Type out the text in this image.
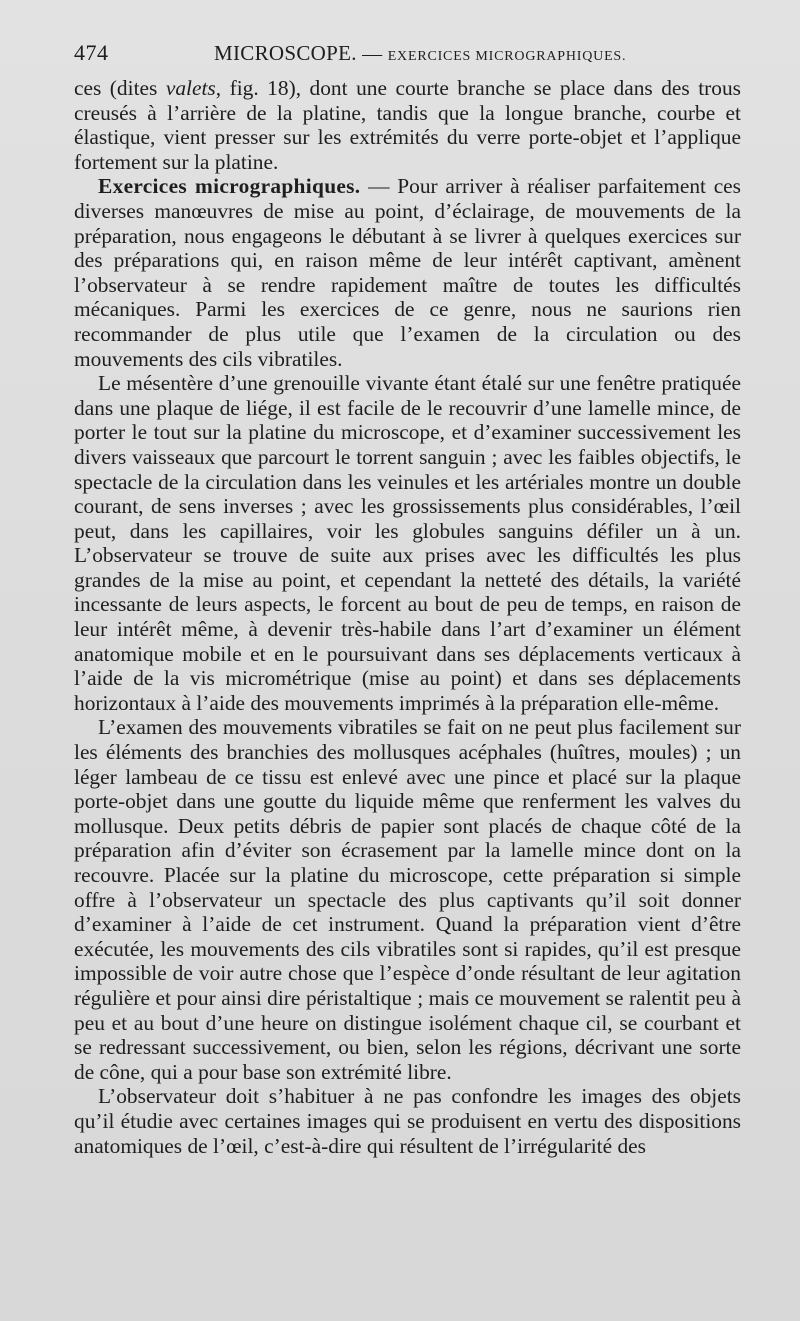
474	MICROSCOPE. — EXERCICES MICROGRAPHIQUES.

ces (dites valets, fig. 18), dont une courte branche se place dans des trous creusés à l’arrière de la platine, tandis que la longue branche, courbe et élastique, vient presser sur les extrémités du verre porte-objet et l’applique fortement sur la platine.

Exercices micrographiques. — Pour arriver à réaliser parfaitement ces diverses manœuvres de mise au point, d’éclairage, de mouvements de la préparation, nous engageons le débutant à se livrer à quelques exercices sur des préparations qui, en raison même de leur intérêt captivant, amènent l’observateur à se rendre rapidement maître de toutes les difficultés mécaniques. Parmi les exercices de ce genre, nous ne saurions rien recommander de plus utile que l’examen de la circulation ou des mouvements des cils vibratiles.

Le mésentère d’une grenouille vivante étant étalé sur une fenêtre pratiquée dans une plaque de liége, il est facile de le recouvrir d’une lamelle mince, de porter le tout sur la platine du microscope, et d’examiner successivement les divers vaisseaux que parcourt le torrent sanguin ; avec les faibles objectifs, le spectacle de la circulation dans les veinules et les artériales montre un double courant, de sens inverses ; avec les grossissements plus considérables, l’œil peut, dans les capillaires, voir les globules sanguins défiler un à un. L’observateur se trouve de suite aux prises avec les difficultés les plus grandes de la mise au point, et cependant la netteté des détails, la variété incessante de leurs aspects, le forcent au bout de peu de temps, en raison de leur intérêt même, à devenir très-habile dans l’art d’examiner un élément anatomique mobile et en le poursuivant dans ses déplacements verticaux à l’aide de la vis micrométrique (mise au point) et dans ses déplacements horizontaux à l’aide des mouvements imprimés à la préparation elle-même.

L’examen des mouvements vibratiles se fait on ne peut plus facilement sur les éléments des branchies des mollusques acéphales (huîtres, moules) ; un léger lambeau de ce tissu est enlevé avec une pince et placé sur la plaque porte-objet dans une goutte du liquide même que renferment les valves du mollusque. Deux petits débris de papier sont placés de chaque côté de la préparation afin d’éviter son écrasement par la lamelle mince dont on la recouvre. Placée sur la platine du microscope, cette préparation si simple offre à l’observateur un spectacle des plus captivants qu’il soit donner d’examiner à l’aide de cet instrument. Quand la préparation vient d’être exécutée, les mouvements des cils vibratiles sont si rapides, qu’il est presque impossible de voir autre chose que l’espèce d’onde résultant de leur agitation régulière et pour ainsi dire péristaltique ; mais ce mouvement se ralentit peu à peu et au bout d’une heure on distingue isolément chaque cil, se courbant et se redressant successivement, ou bien, selon les régions, décrivant une sorte de cône, qui a pour base son extrémité libre.

L’observateur doit s’habituer à ne pas confondre les images des objets qu’il étudie avec certaines images qui se produisent en vertu des dispositions anatomiques de l’œil, c’est-à-dire qui résultent de l’irrégularité des
